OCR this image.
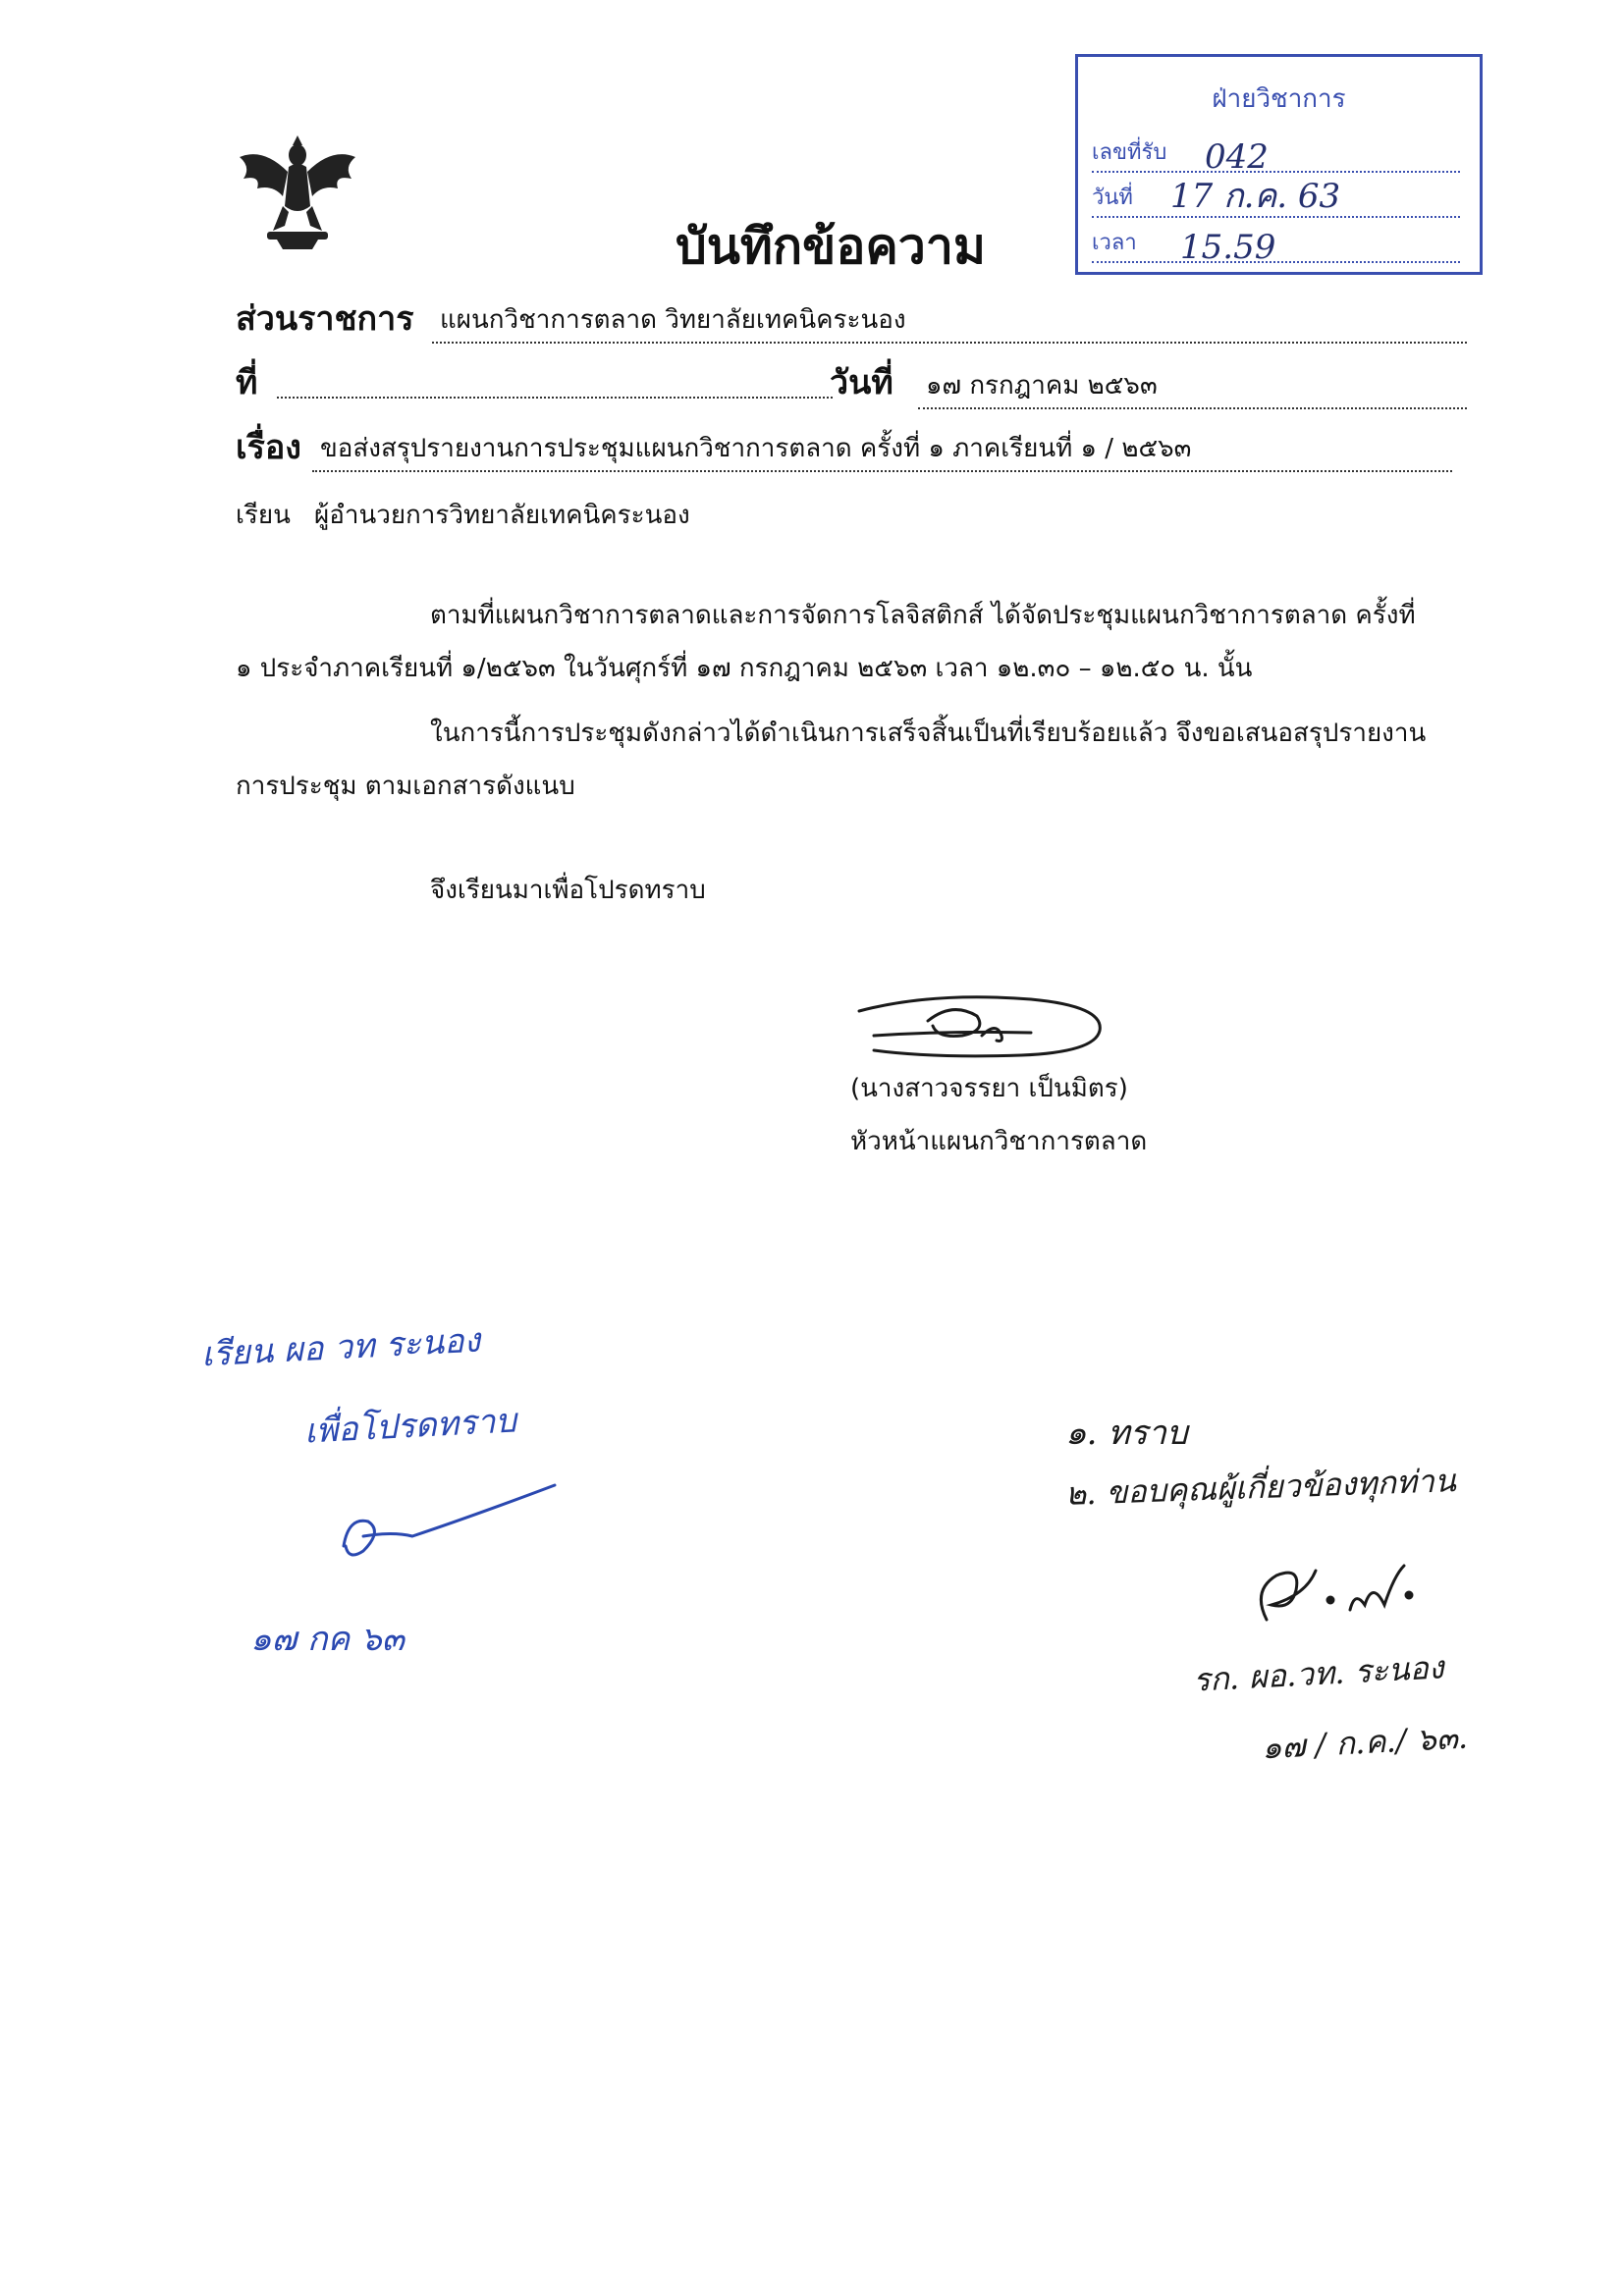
บันทึกข้อความ
ฝ่ายวิชาการ
เลขที่รับ 042
วันที่ 17 ก.ค. 63
เวลา 15.59
ส่วนราชการ	แผนกวิชาการตลาด วิทยาลัยเทคนิคระนอง
ที่	วันที่	๑๗ กรกฎาคม ๒๕๖๓
เรื่อง ขอส่งสรุปรายงานการประชุมแผนกวิชาการตลาด ครั้งที่ ๑ ภาคเรียนที่ ๑ / ๒๕๖๓
เรียน ผู้อำนวยการวิทยาลัยเทคนิคระนอง
ตามที่แผนกวิชาการตลาดและการจัดการโลจิสติกส์ ได้จัดประชุมแผนกวิชาการตลาด ครั้งที่
๑ ประจำภาคเรียนที่ ๑/๒๕๖๓ ในวันศุกร์ที่ ๑๗ กรกฎาคม ๒๕๖๓ เวลา ๑๒.๓๐ – ๑๒.๕๐ น. นั้น
ในการนี้การประชุมดังกล่าวได้ดำเนินการเสร็จสิ้นเป็นที่เรียบร้อยแล้ว จึงขอเสนอสรุปรายงาน
การประชุม ตามเอกสารดังแนบ
จึงเรียนมาเพื่อโปรดทราบ
(นางสาวจรรยา เป็นมิตร)
หัวหน้าแผนกวิชาการตลาด
เรียน ผอ วท ระนอง
เพื่อโปรดทราบ
๑๗ กค ๖๓
๑. ทราบ
๒. ขอบคุณผู้เกี่ยวข้องทุกท่าน
รก. ผอ.วท. ระนอง
๑๗ / ก.ค./ ๖๓.
